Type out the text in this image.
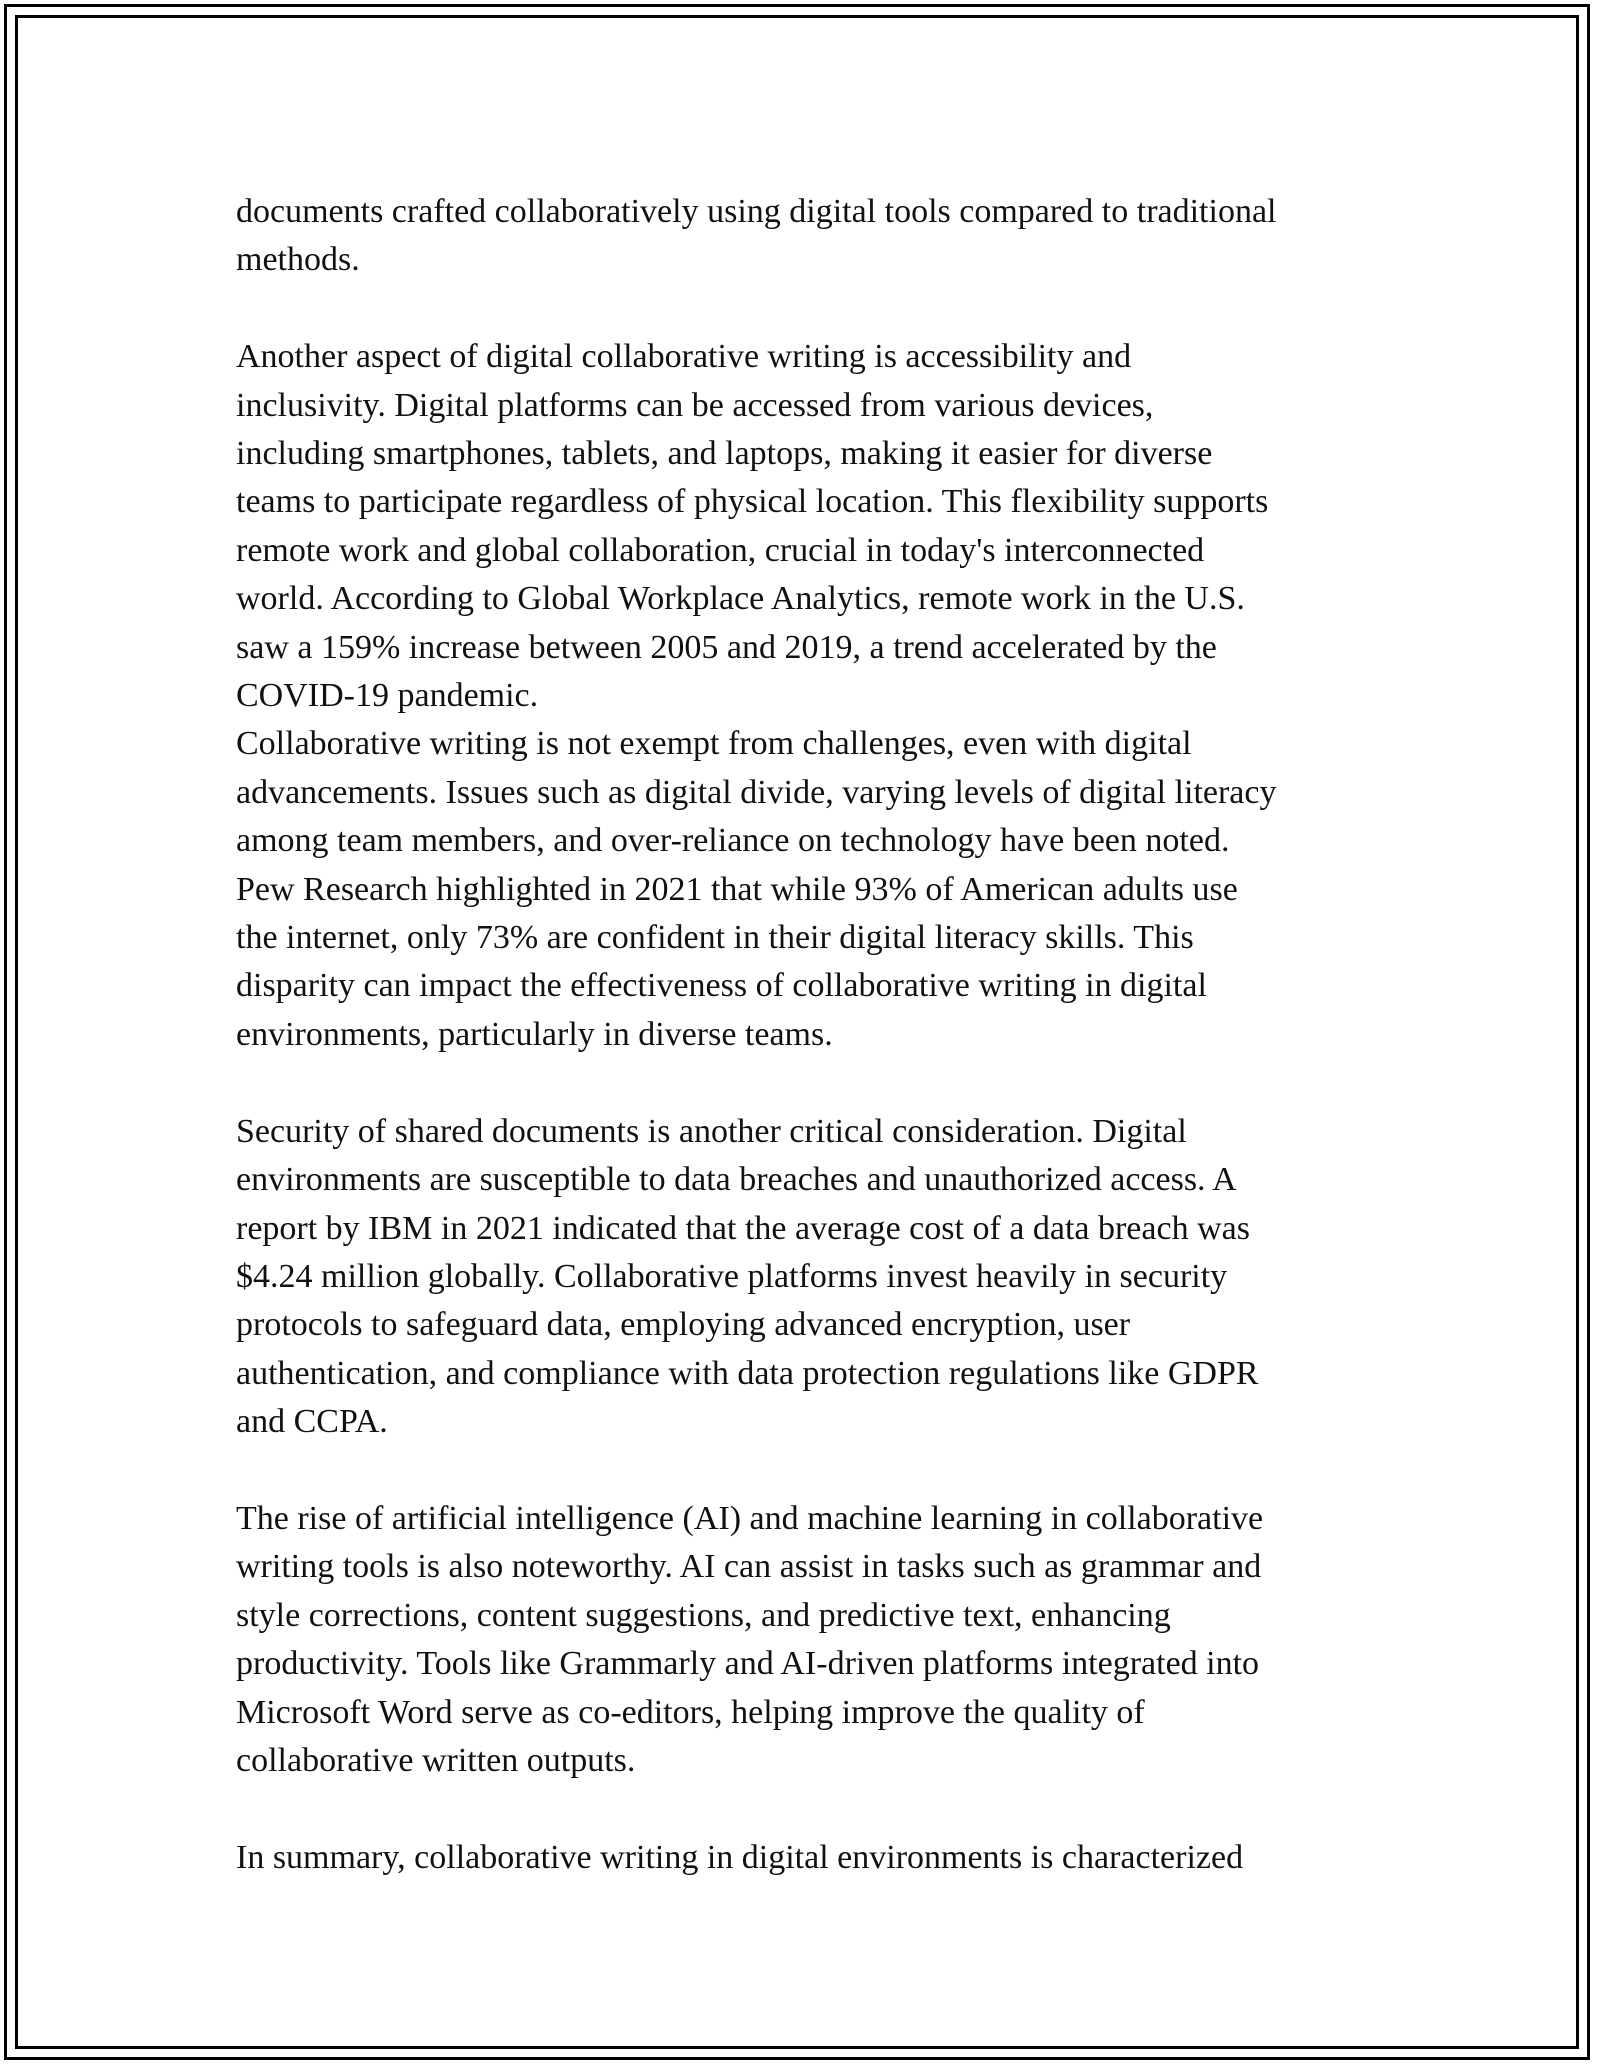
documents crafted collaboratively using digital tools compared to traditional
methods.

Another aspect of digital collaborative writing is accessibility and
inclusivity. Digital platforms can be accessed from various devices,
including smartphones, tablets, and laptops, making it easier for diverse
teams to participate regardless of physical location. This flexibility supports
remote work and global collaboration, crucial in today's interconnected
world. According to Global Workplace Analytics, remote work in the U.S.
saw a 159% increase between 2005 and 2019, a trend accelerated by the
COVID-19 pandemic.

Collaborative writing is not exempt from challenges, even with digital
advancements. Issues such as digital divide, varying levels of digital literacy
among team members, and over-reliance on technology have been noted.
Pew Research highlighted in 2021 that while 93% of American adults use
the internet, only 73% are confident in their digital literacy skills. This
disparity can impact the effectiveness of collaborative writing in digital
environments, particularly in diverse teams.

Security of shared documents is another critical consideration. Digital
environments are susceptible to data breaches and unauthorized access. A
report by IBM in 2021 indicated that the average cost of a data breach was
$4.24 million globally. Collaborative platforms invest heavily in security
protocols to safeguard data, employing advanced encryption, user
authentication, and compliance with data protection regulations like GDPR
and CCPA.

The rise of artificial intelligence (AI) and machine learning in collaborative
writing tools is also noteworthy. AI can assist in tasks such as grammar and
style corrections, content suggestions, and predictive text, enhancing
productivity. Tools like Grammarly and AI-driven platforms integrated into
Microsoft Word serve as co-editors, helping improve the quality of
collaborative written outputs.

In summary, collaborative writing in digital environments is characterized
